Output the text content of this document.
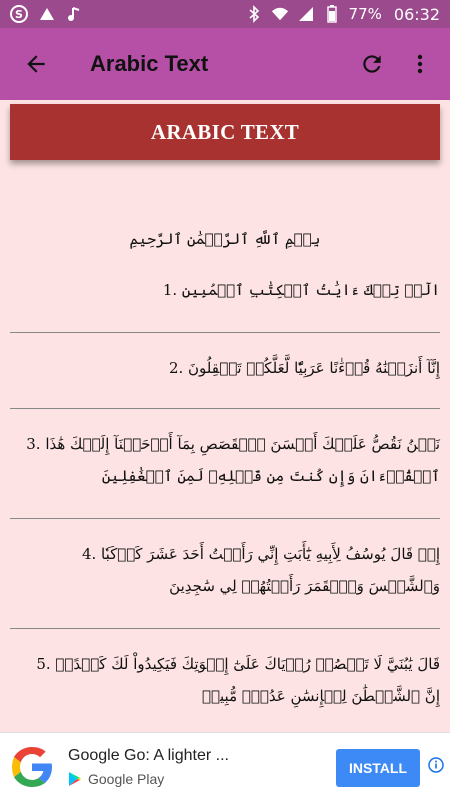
S	77% 06:32
Arabic Text
ARABIC TEXT
بِسۡمِ ٱللَّهِ ٱلرَّحۡمَٰنِ ٱلرَّحِيمِ
الٓرۚ تِلۡكَ ءَايَٰتُ ٱلۡكِتَٰبِ ٱلۡمُبِينِ .1
إِنَّآ أَنزَلۡنَٰهُ قُرۡءَٰنًا عَرَبِيّٗا لَّعَلَّكُمۡ تَعۡقِلُونَ .2
نَحۡنُ نَقُصُّ عَلَيۡكَ أَحۡسَنَ ٱلۡقَصَصِ بِمَآ أَوۡحَيۡنَآ إِلَيۡكَ هَٰذَا .3
ٱلۡقُرۡءَانَ وَإِن كُنتَ مِن قَبۡلِهِۦ لَمِنَ ٱلۡغَٰفِلِينَ
إِذۡ قَالَ يُوسُفُ لِأَبِيهِ يَٰٓأَبَتِ إِنِّي رَأَيۡتُ أَحَدَ عَشَرَ كَوۡكَبٗا .4
وَٱلشَّمۡسَ وَٱلۡقَمَرَ رَأَيۡتُهُمۡ لِي سَٰجِدِينَ
قَالَ يَٰبُنَيَّ لَا تَقۡصُصۡ رُءۡيَاكَ عَلَىٰٓ إِخۡوَتِكَ فَيَكِيدُواْ لَكَ كَيۡدًاۖ .5
إِنَّ ٱلشَّيۡطَٰنَ لِلۡإِنسَٰنِ عَدُوّٞ مُّبِينٞ
Google Go: A lighter ...
Google Play
INSTALL
